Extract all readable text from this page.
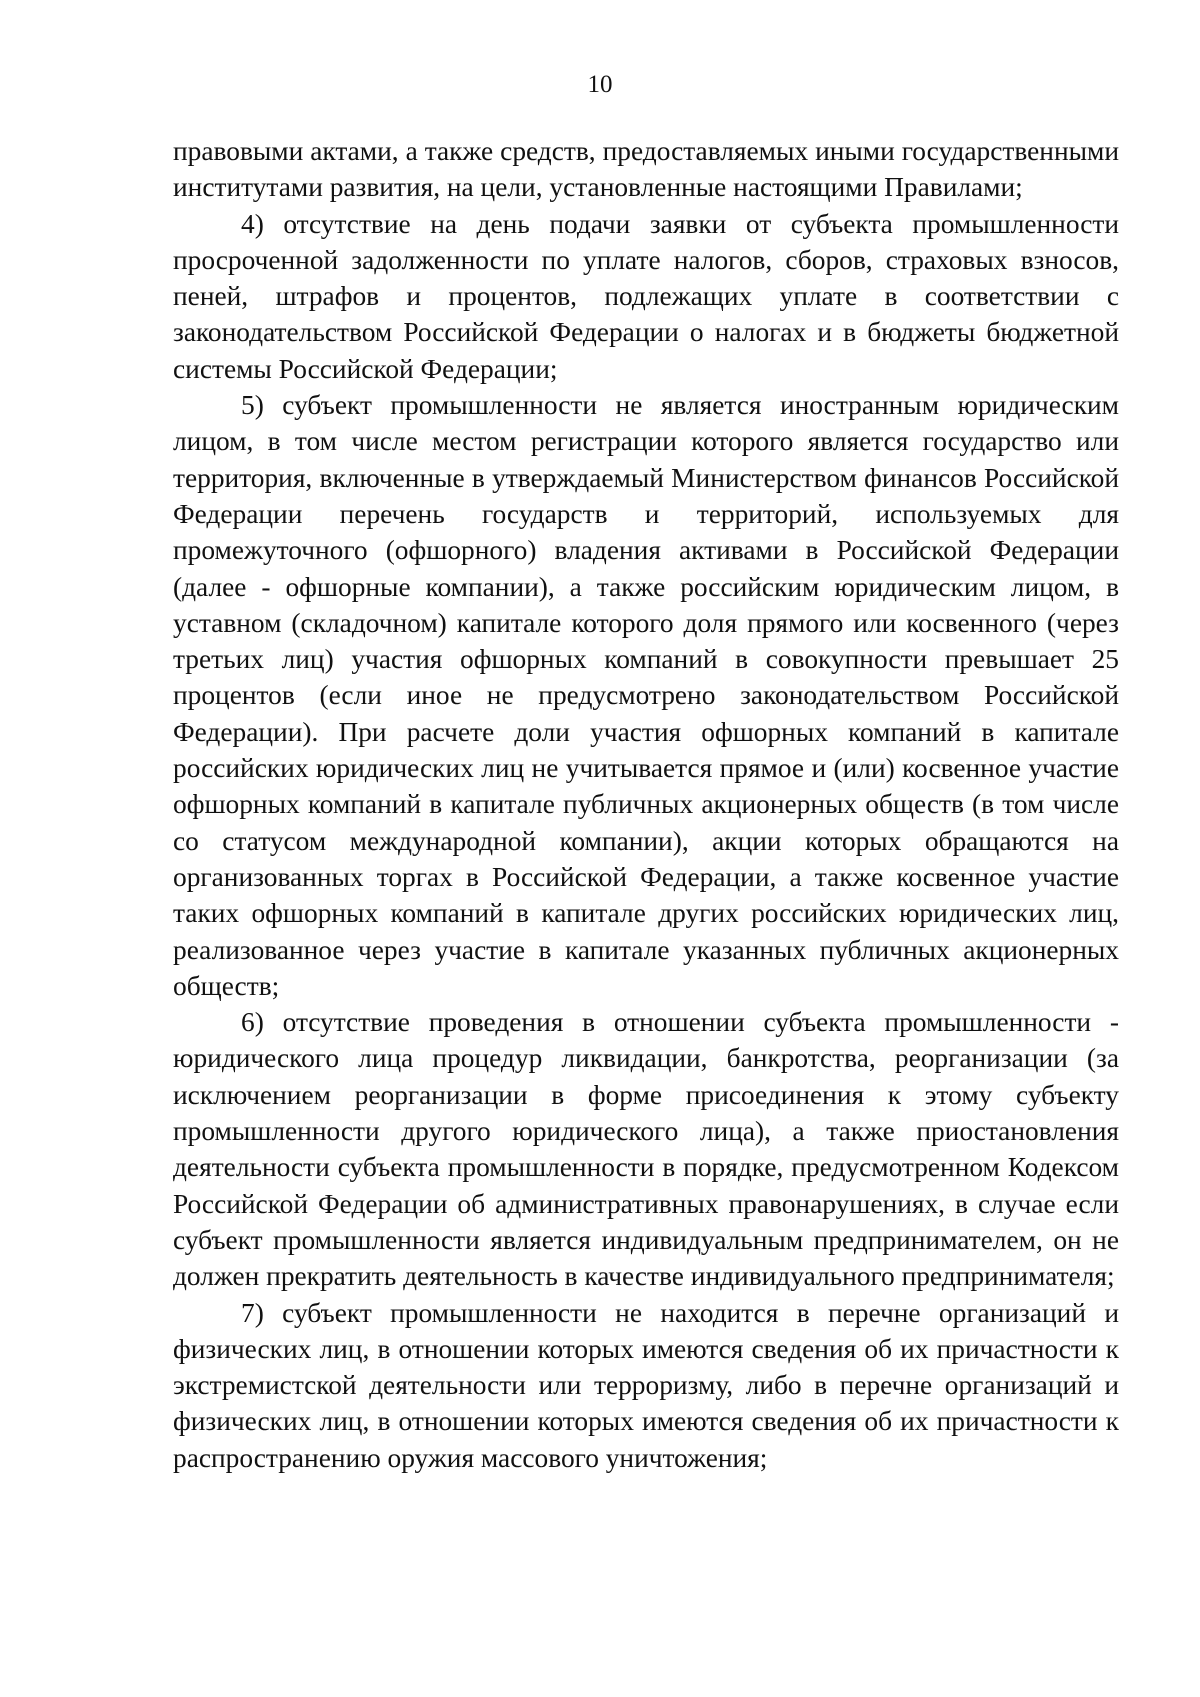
10

правовыми актами, а также средств, предоставляемых иными государственными институтами развития, на цели, установленные настоящими Правилами;

4) отсутствие на день подачи заявки от субъекта промышленности просроченной задолженности по уплате налогов, сборов, страховых взносов, пеней, штрафов и процентов, подлежащих уплате в соответствии с законодательством Российской Федерации о налогах и в бюджеты бюджетной системы Российской Федерации;

5) субъект промышленности не является иностранным юридическим лицом, в том числе местом регистрации которого является государство или территория, включенные в утверждаемый Министерством финансов Российской Федерации перечень государств и территорий, используемых для промежуточного (офшорного) владения активами в Российской Федерации (далее - офшорные компании), а также российским юридическим лицом, в уставном (складочном) капитале которого доля прямого или косвенного (через третьих лиц) участия офшорных компаний в совокупности превышает 25 процентов (если иное не предусмотрено законодательством Российской Федерации). При расчете доли участия офшорных компаний в капитале российских юридических лиц не учитывается прямое и (или) косвенное участие офшорных компаний в капитале публичных акционерных обществ (в том числе со статусом международной компании), акции которых обращаются на организованных торгах в Российской Федерации, а также косвенное участие таких офшорных компаний в капитале других российских юридических лиц, реализованное через участие в капитале указанных публичных акционерных обществ;

6) отсутствие проведения в отношении субъекта промышленности - юридического лица процедур ликвидации, банкротства, реорганизации (за исключением реорганизации в форме присоединения к этому субъекту промышленности другого юридического лица), а также приостановления деятельности субъекта промышленности в порядке, предусмотренном Кодексом Российской Федерации об административных правонарушениях, в случае если субъект промышленности является индивидуальным предпринимателем, он не должен прекратить деятельность в качестве индивидуального предпринимателя;

7) субъект промышленности не находится в перечне организаций и физических лиц, в отношении которых имеются сведения об их причастности к экстремистской деятельности или терроризму, либо в перечне организаций и физических лиц, в отношении которых имеются сведения об их причастности к распространению оружия массового уничтожения;
